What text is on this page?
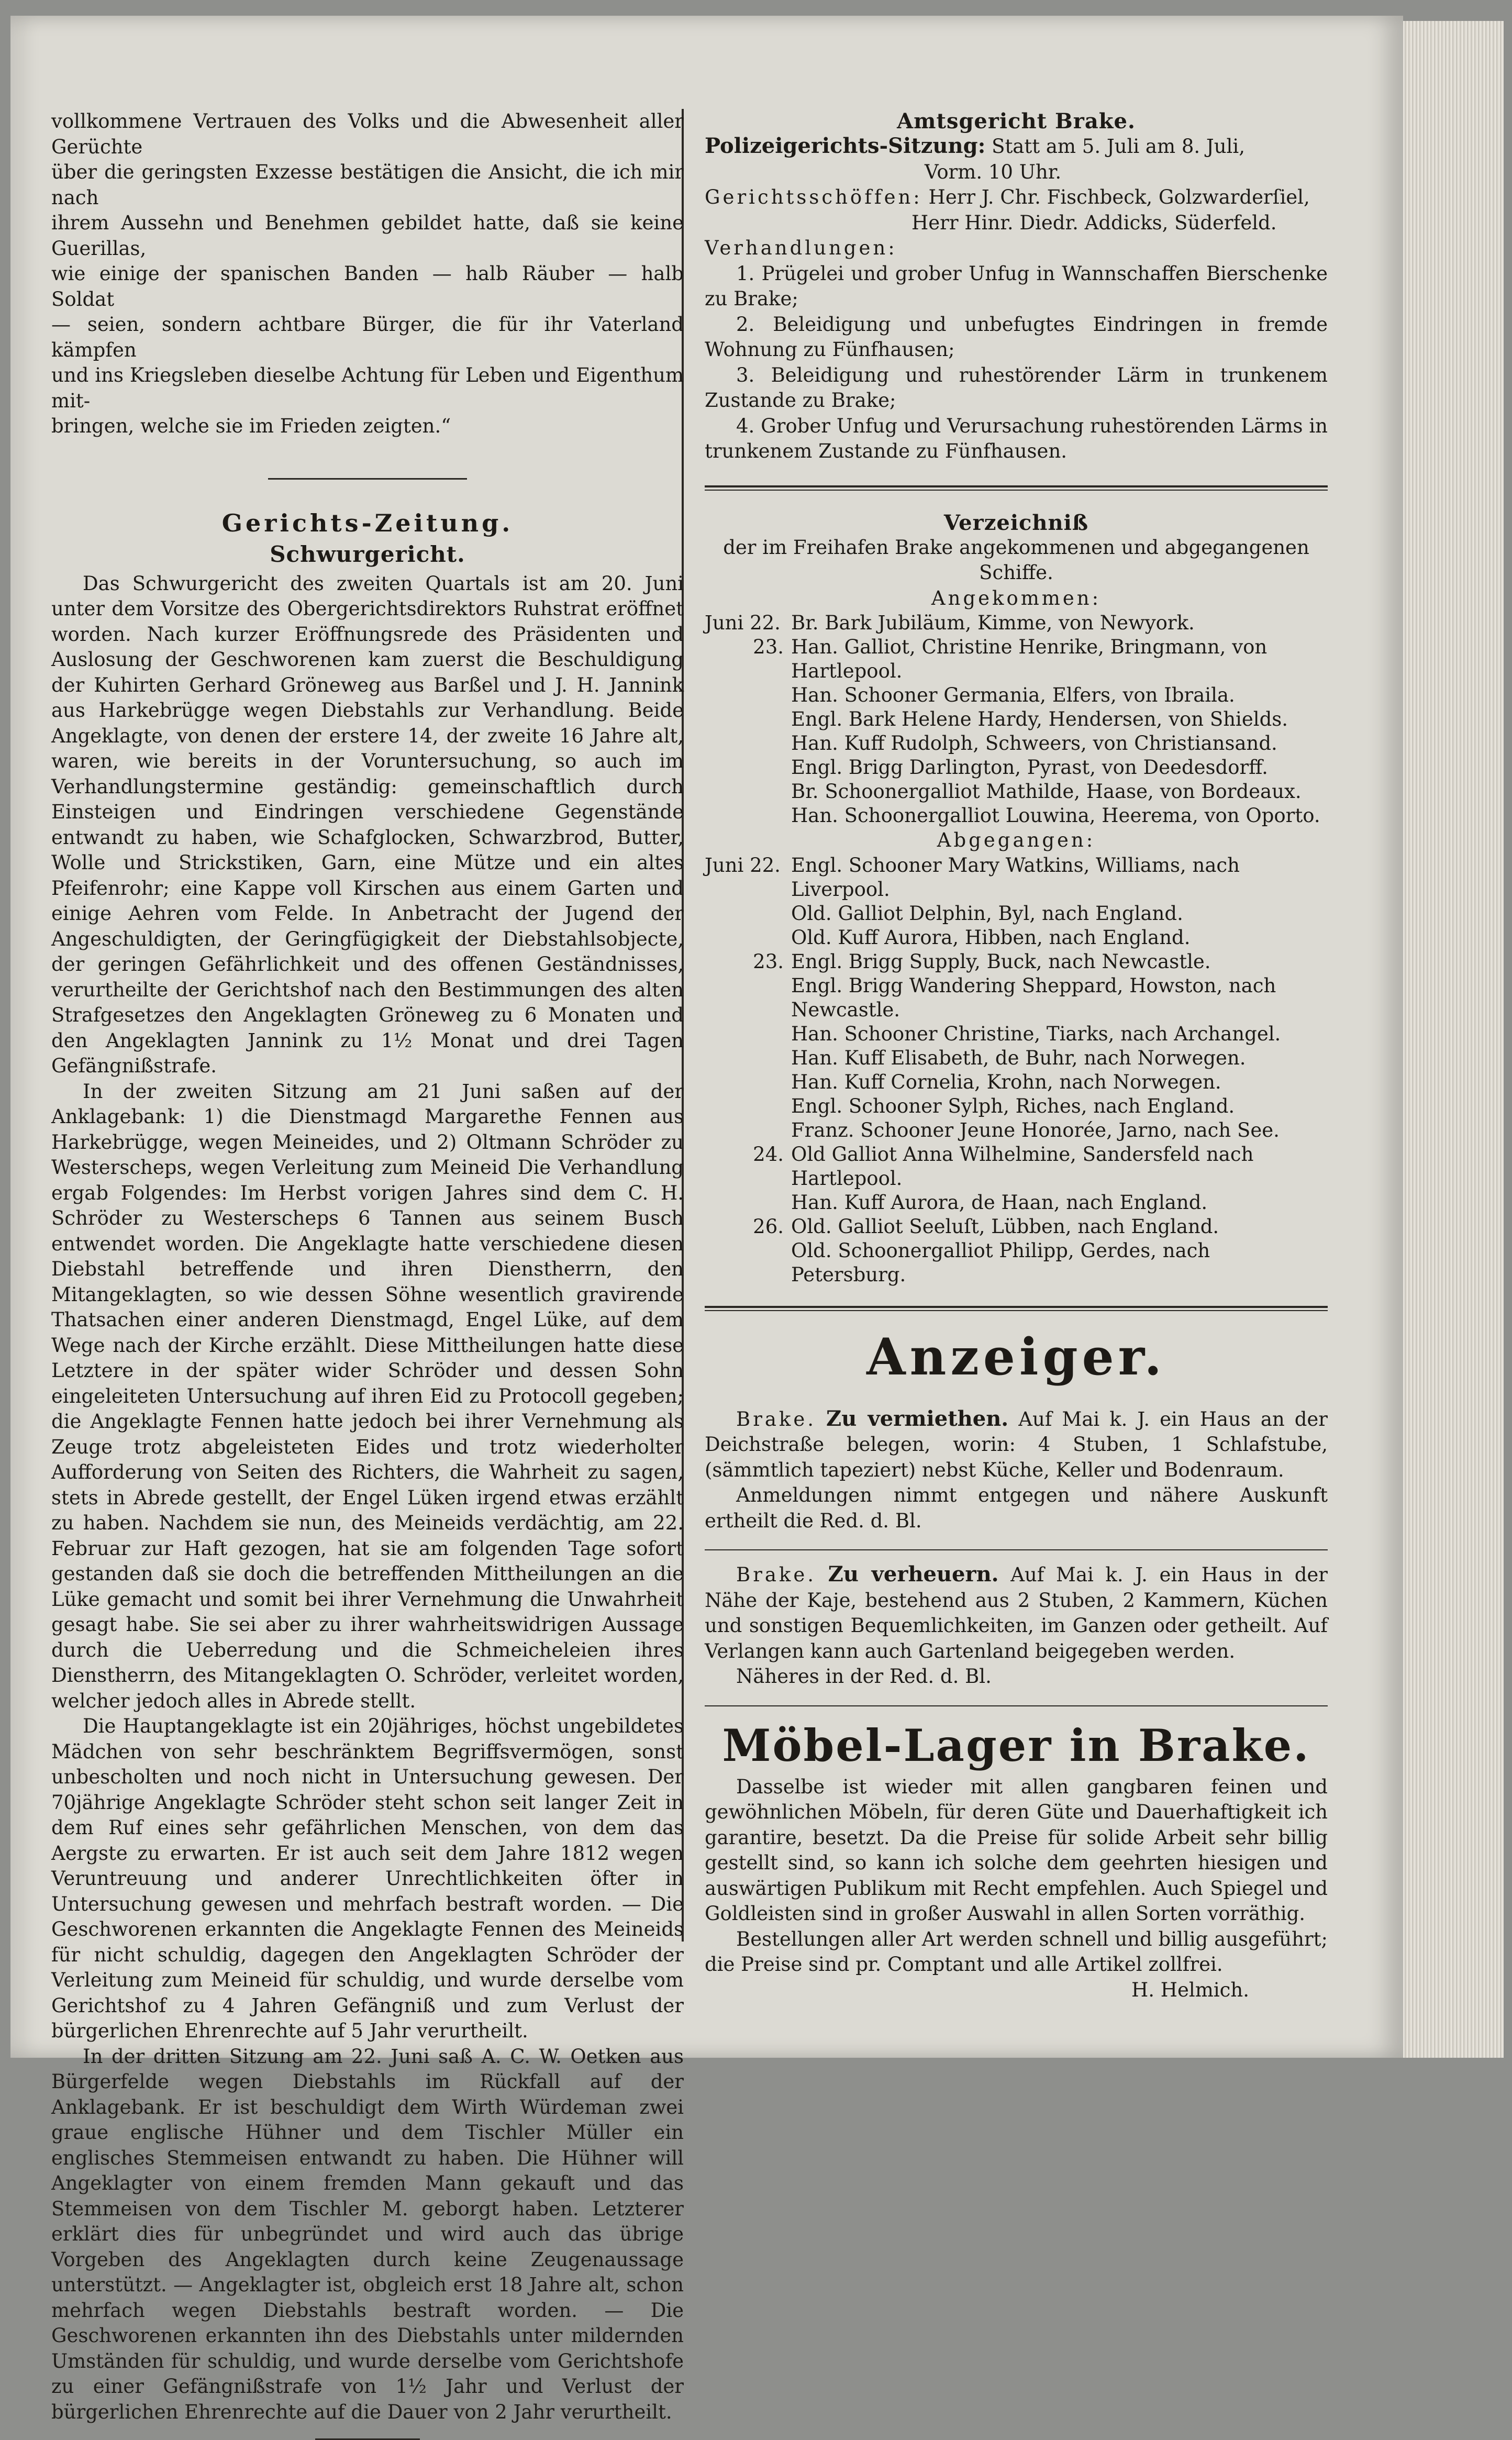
vollkommene Vertrauen des Volks und die Abwesenheit aller Gerüchte
über die geringsten Exzesse bestätigen die Ansicht, die ich mir nach
ihrem Aussehn und Benehmen gebildet hatte, daß sie keine Guerillas,
wie einige der spanischen Banden — halb Räuber — halb Soldat
— seien, sondern achtbare Bürger, die für ihr Vaterland kämpfen
und ins Kriegsleben dieselbe Achtung für Leben und Eigenthum mit-
bringen, welche sie im Frieden zeigten.“
Gerichts-Zeitung.
Schwurgericht.

Das Schwurgericht des zweiten Quartals ist am 20. Juni unter dem Vorsitze des Obergerichtsdirektors Ruhstrat eröffnet worden. Nach kurzer Eröffnungsrede des Präsidenten und Auslosung der Geschworenen kam zuerst die Beschuldigung der Kuhirten Gerhard Gröneweg aus Barßel und J. H. Jannink aus Harkebrügge wegen Diebstahls zur Verhandlung. Beide Angeklagte, von denen der erstere 14, der zweite 16 Jahre alt, waren, wie bereits in der Voruntersuchung, so auch im Verhandlungstermine geständig: gemeinschaftlich durch Einsteigen und Eindringen verschiedene Gegenstände entwandt zu haben, wie Schafglocken, Schwarzbrod, Butter, Wolle und Strickstiken, Garn, eine Mütze und ein altes Pfeifenrohr; eine Kappe voll Kirschen aus einem Garten und einige Aehren vom Felde. In Anbetracht der Jugend der Angeschuldigten, der Geringfügigkeit der Diebstahlsobjecte, der geringen Gefährlichkeit und des offenen Geständnisses, verurtheilte der Gerichtshof nach den Bestimmungen des alten Strafgesetzes den Angeklagten Gröneweg zu 6 Monaten und den Angeklagten Jannink zu 1½ Monat und drei Tagen Gefängnißstrafe.

In der zweiten Sitzung am 21 Juni saßen auf der Anklagebank: 1) die Dienstmagd Margarethe Fennen aus Harkebrügge, wegen Meineides, und 2) Oltmann Schröder zu Westerscheps, wegen Verleitung zum Meineid Die Verhandlung ergab Folgendes: Im Herbst vorigen Jahres sind dem C. H. Schröder zu Westerscheps 6 Tannen aus seinem Busch entwendet worden. Die Angeklagte hatte verschiedene diesen Diebstahl betreffende und ihren Dienstherrn, den Mitangeklagten, so wie dessen Söhne wesentlich gravirende Thatsachen einer anderen Dienstmagd, Engel Lüke, auf dem Wege nach der Kirche erzählt. Diese Mittheilungen hatte diese Letztere in der später wider Schröder und dessen Sohn eingeleiteten Untersuchung auf ihren Eid zu Protocoll gegeben; die Angeklagte Fennen hatte jedoch bei ihrer Vernehmung als Zeuge trotz abgeleisteten Eides und trotz wiederholter Aufforderung von Seiten des Richters, die Wahrheit zu sagen, stets in Abrede gestellt, der Engel Lüken irgend etwas erzählt zu haben. Nachdem sie nun, des Meineids verdächtig, am 22. Februar zur Haft gezogen, hat sie am folgenden Tage sofort gestanden daß sie doch die betreffenden Mittheilungen an die Lüke gemacht und somit bei ihrer Vernehmung die Unwahrheit gesagt habe. Sie sei aber zu ihrer wahrheitswidrigen Aussage durch die Ueberredung und die Schmeicheleien ihres Dienstherrn, des Mitangeklagten O. Schröder, verleitet worden, welcher jedoch alles in Abrede stellt.

Die Hauptangeklagte ist ein 20jähriges, höchst ungebildetes Mädchen von sehr beschränktem Begriffsvermögen, sonst unbescholten und noch nicht in Untersuchung gewesen. Der 70jährige Angeklagte Schröder steht schon seit langer Zeit in dem Ruf eines sehr gefährlichen Menschen, von dem das Aergste zu erwarten. Er ist auch seit dem Jahre 1812 wegen Veruntreuung und anderer Unrechtlichkeiten öfter in Untersuchung gewesen und mehrfach bestraft worden. — Die Geschworenen erkannten die Angeklagte Fennen des Meineids für nicht schuldig, dagegen den Angeklagten Schröder der Verleitung zum Meineid für schuldig, und wurde derselbe vom Gerichtshof zu 4 Jahren Gefängniß und zum Verlust der bürgerlichen Ehrenrechte auf 5 Jahr verurtheilt.

In der dritten Sitzung am 22. Juni saß A. C. W. Oetken aus Bürgerfelde wegen Diebstahls im Rückfall auf der Anklagebank. Er ist beschuldigt dem Wirth Würdeman zwei graue englische Hühner und dem Tischler Müller ein englisches Stemmeisen entwandt zu haben. Die Hühner will Angeklagter von einem fremden Mann gekauft und das Stemmeisen von dem Tischler M. geborgt haben. Letzterer erklärt dies für unbegründet und wird auch das übrige Vorgeben des Angeklagten durch keine Zeugenaussage unterstützt. — Angeklagter ist, obgleich erst 18 Jahre alt, schon mehrfach wegen Diebstahls bestraft worden. — Die Geschworenen erkannten ihn des Diebstahls unter mildernden Umständen für schuldig, und wurde derselbe vom Gerichtshofe zu einer Gefängnißstrafe von 1½ Jahr und Verlust der bürgerlichen Ehrenrechte auf die Dauer von 2 Jahr verurtheilt.

Amtsgericht Brake.
Polizeigerichts-Sitzung: Statt am 5. Juli am 8. Juli,
Vorm. 10 Uhr.
Gerichtsschöffen: Herr J. Chr. Fischbeck, Golzwarderſiel,
Herr Hinr. Diedr. Addicks, Süderfeld.
Verhandlungen:

1. Prügelei und grober Unfug in Wannschaffen Bierschenke zu Brake;

2. Beleidigung und unbefugtes Eindringen in fremde Wohnung zu Fünfhausen;

3. Beleidigung und ruhestörender Lärm in trunkenem Zustande zu Brake;

4. Grober Unfug und Verursachung ruhestörenden Lärms in trunkenem Zustande zu Fünfhausen.

Verzeichniß
der im Freihafen Brake angekommenen und abgegangenen Schiffe.
Angekommen:
Juni 22. Br. Bark Jubiläum, Kimme, von Newyork.
23. Han. Galliot, Christine Henrike, Bringmann, von Hartlepool.
Han. Schooner Germania, Elfers, von Ibraila.
Engl. Bark Helene Hardy, Hendersen, von Shields.
Han. Kuff Rudolph, Schweers, von Christiansand.
Engl. Brigg Darlington, Pyrast, von Deedesdorff.
Br. Schoonergalliot Mathilde, Haase, von Bordeaux.
Han. Schoonergalliot Louwina, Heerema, von Oporto.
Abgegangen:
Juni 22. Engl. Schooner Mary Watkins, Williams, nach Liverpool.
Old. Galliot Delphin, Byl, nach England.
Old. Kuff Aurora, Hibben, nach England.
23. Engl. Brigg Supply, Buck, nach Newcastle.
Engl. Brigg Wandering Sheppard, Howston, nach Newcastle.
Han. Schooner Christine, Tiarks, nach Archangel.
Han. Kuff Elisabeth, de Buhr, nach Norwegen.
Han. Kuff Cornelia, Krohn, nach Norwegen.
Engl. Schooner Sylph, Riches, nach England.
Franz. Schooner Jeune Honorée, Jarno, nach See.
24. Old Galliot Anna Wilhelmine, Sandersfeld nach Hartlepool.
Han. Kuff Aurora, de Haan, nach England.
26. Old. Galliot Seeluſt, Lübben, nach England.
Old. Schoonergalliot Philipp, Gerdes, nach Petersburg.
Anzeiger.

Brake. Zu vermiethen. Auf Mai k. J. ein Haus an der Deichstraße belegen, worin: 4 Stuben, 1 Schlafstube, (sämmtlich tapeziert) nebst Küche, Keller und Bodenraum.

Anmeldungen nimmt entgegen und nähere Auskunft ertheilt die Red. d. Bl.

Brake. Zu verheuern. Auf Mai k. J. ein Haus in der Nähe der Kaje, bestehend aus 2 Stuben, 2 Kammern, Küchen und sonstigen Bequemlichkeiten, im Ganzen oder getheilt. Auf Verlangen kann auch Gartenland beigegeben werden.

Näheres in der Red. d. Bl.

Möbel-Lager in Brake.

Dasselbe ist wieder mit allen gangbaren feinen und gewöhnlichen Möbeln, für deren Güte und Dauerhaftigkeit ich garantire, besetzt. Da die Preise für solide Arbeit sehr billig gestellt sind, so kann ich solche dem geehrten hiesigen und auswärtigen Publikum mit Recht empfehlen. Auch Spiegel und Goldleisten sind in großer Auswahl in allen Sorten vorräthig.

Bestellungen aller Art werden schnell und billig ausgeführt; die Preise sind pr. Comptant und alle Artikel zollfrei.

H. Helmich.
